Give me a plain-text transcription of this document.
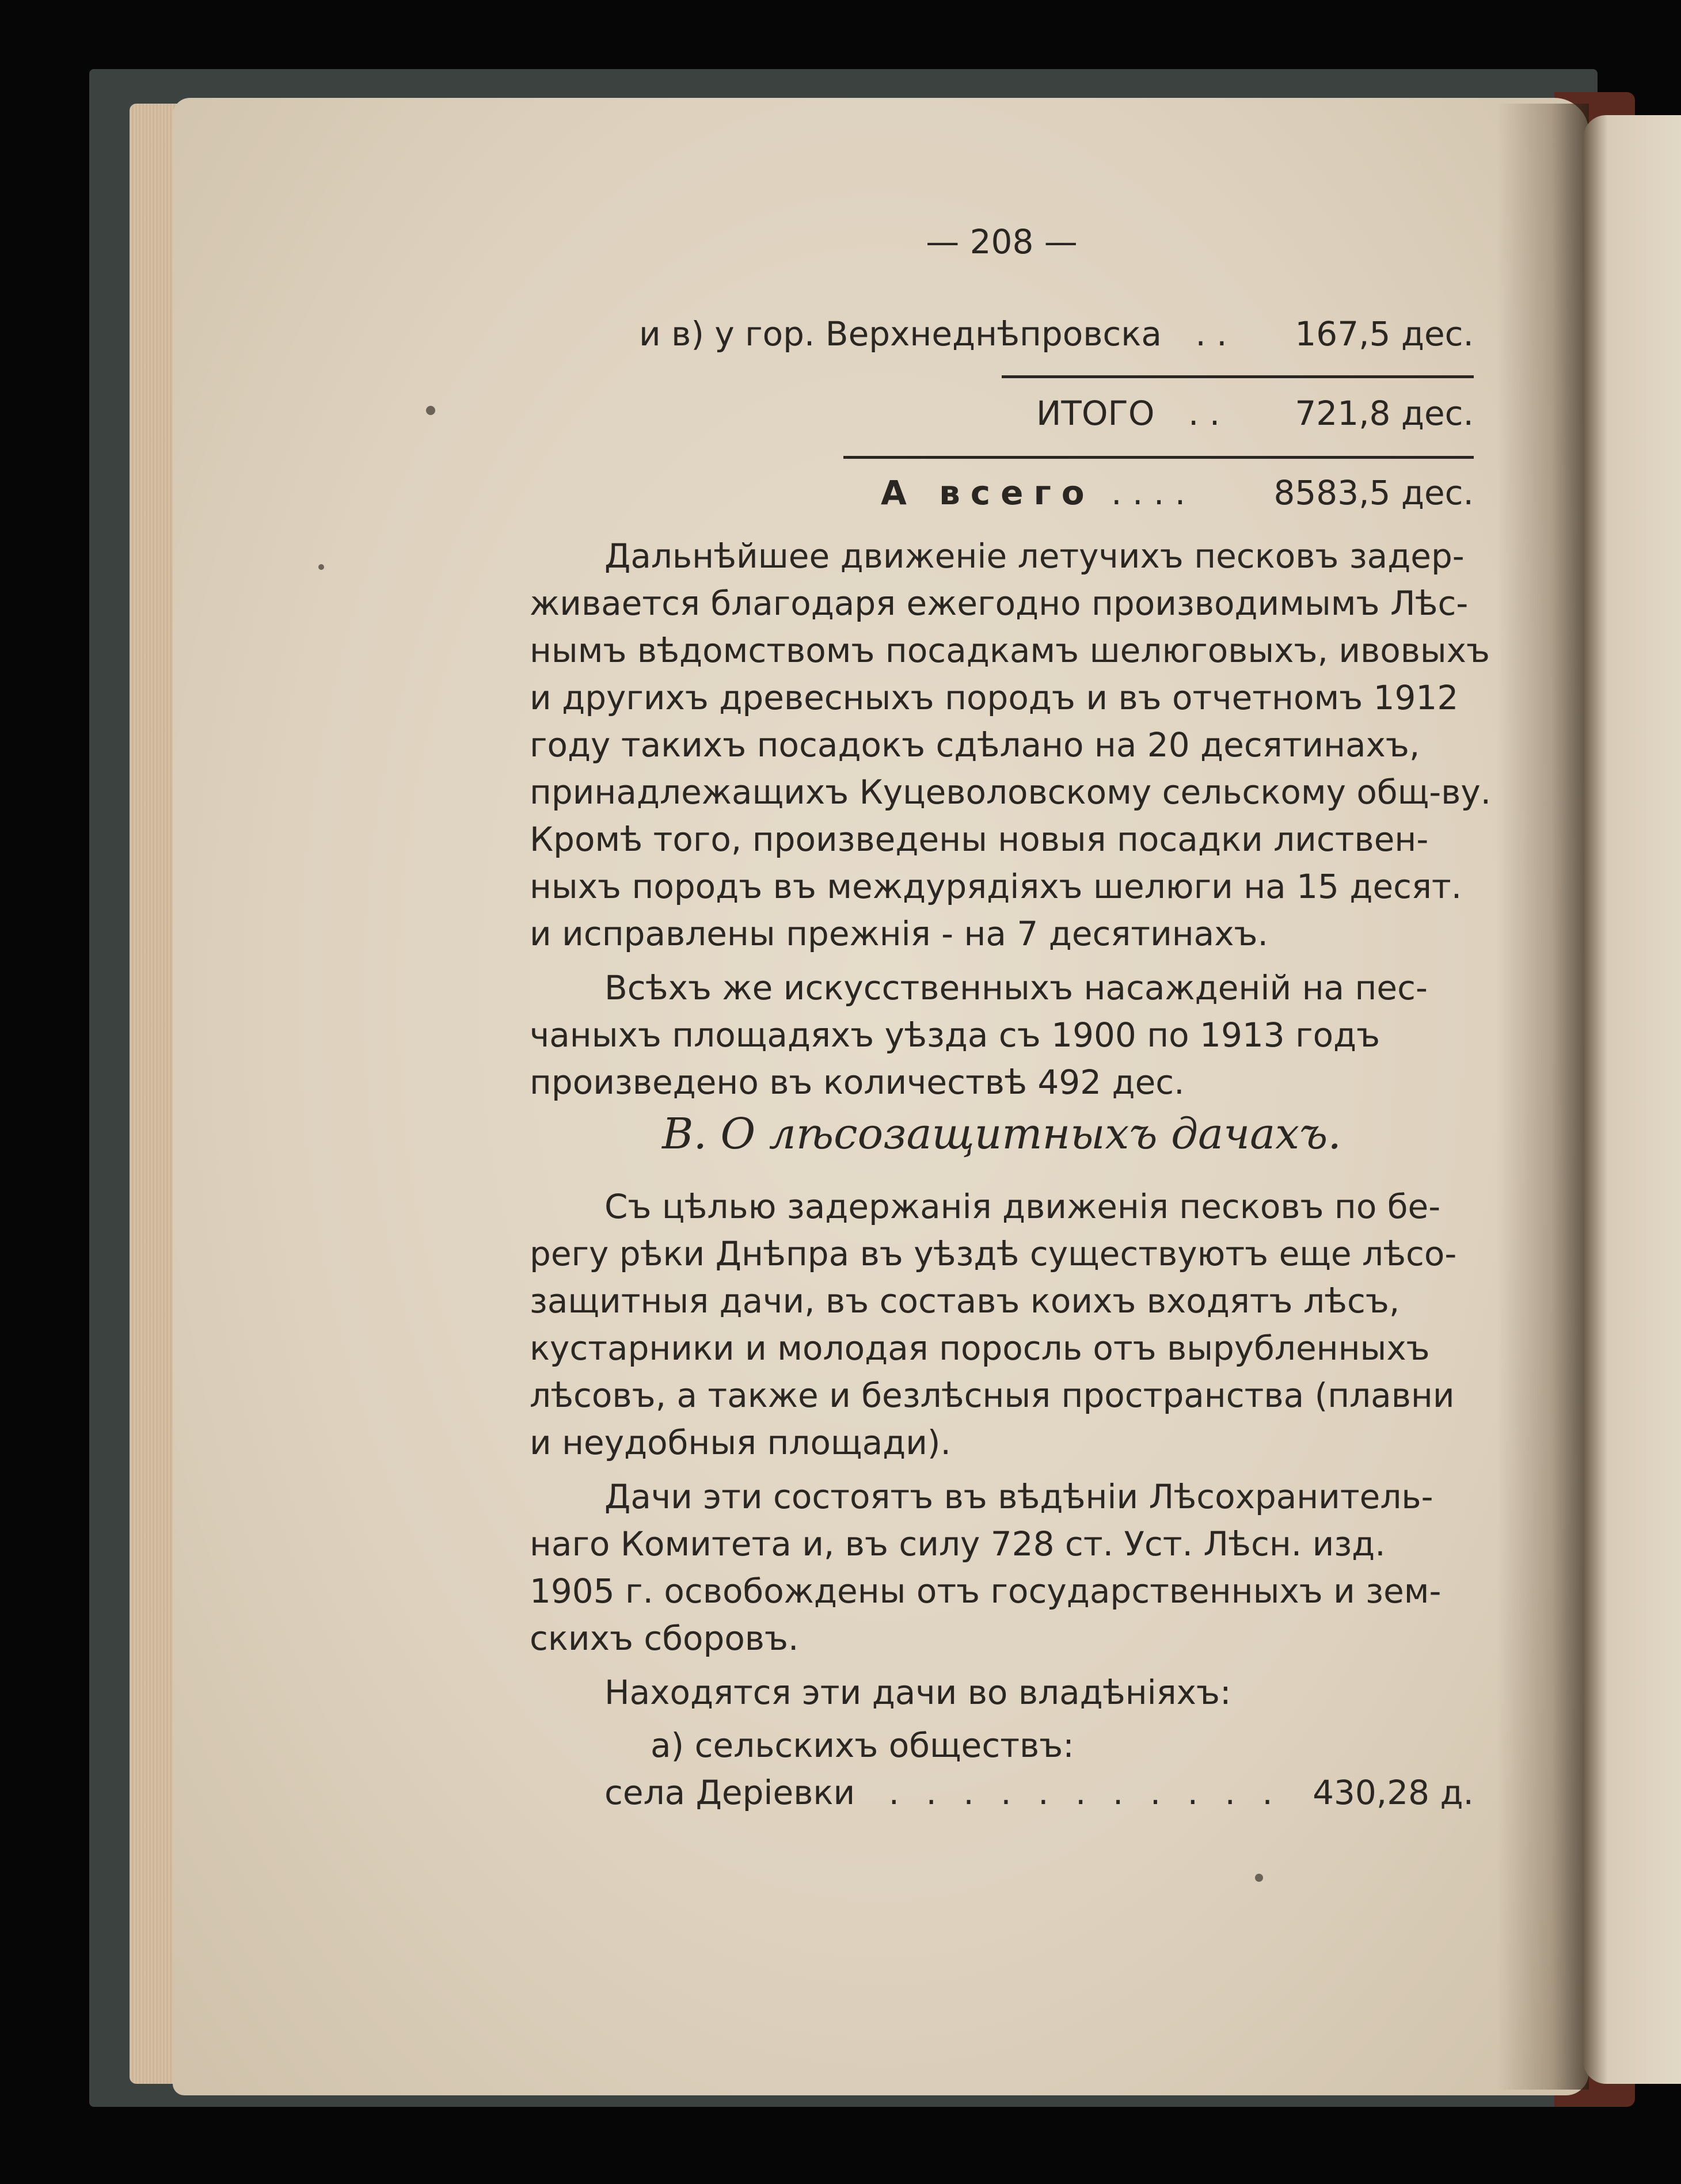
— 208 —
и в) у гор. Верхнеднѣпровска . . 167,5 дес.
ИТОГО . . 721,8 дес.
А всего . . . .	8583,5 дес.
Дальнѣйшее движеніе летучихъ песковъ задер-
живается благодаря ежегодно производимымъ Лѣс-
нымъ вѣдомствомъ посадкамъ шелюговыхъ, ивовыхъ
и другихъ древесныхъ породъ и въ отчетномъ 1912
году такихъ посадокъ сдѣлано на 20 десятинахъ,
принадлежащихъ Куцеволовскому сельскому общ-ву.
Кромѣ того, произведены новыя посадки листвен-
ныхъ породъ въ междурядіяхъ шелюги на 15 десят.
и исправлены прежнія - на 7 десятинахъ.
Всѣхъ же искусственныхъ насажденій на пес-
чаныхъ площадяхъ уѣзда съ 1900 по 1913 годъ
произведено въ количествѣ 492 дес.
В. О лѣсозащитныхъ дачахъ.
Съ цѣлью задержанія движенія песковъ по бе-
регу рѣки Днѣпра въ уѣздѣ существуютъ еще лѣсо-
защитныя дачи, въ составъ коихъ входятъ лѣсъ,
кустарники и молодая поросль отъ вырубленныхъ
лѣсовъ, а также и безлѣсныя пространства (плавни
и неудобныя площади).
Дачи эти состоятъ въ вѣдѣніи Лѣсохранитель-
наго Комитета и, въ силу 728 ст. Уст. Лѣсн. изд.
1905 г. освобождены отъ государственныхъ и зем-
скихъ сборовъ.
Находятся эти дачи во владѣніяхъ:
а) сельскихъ обществъ:
села Деріевки . . . . . . . . . . . 430,28 д.
